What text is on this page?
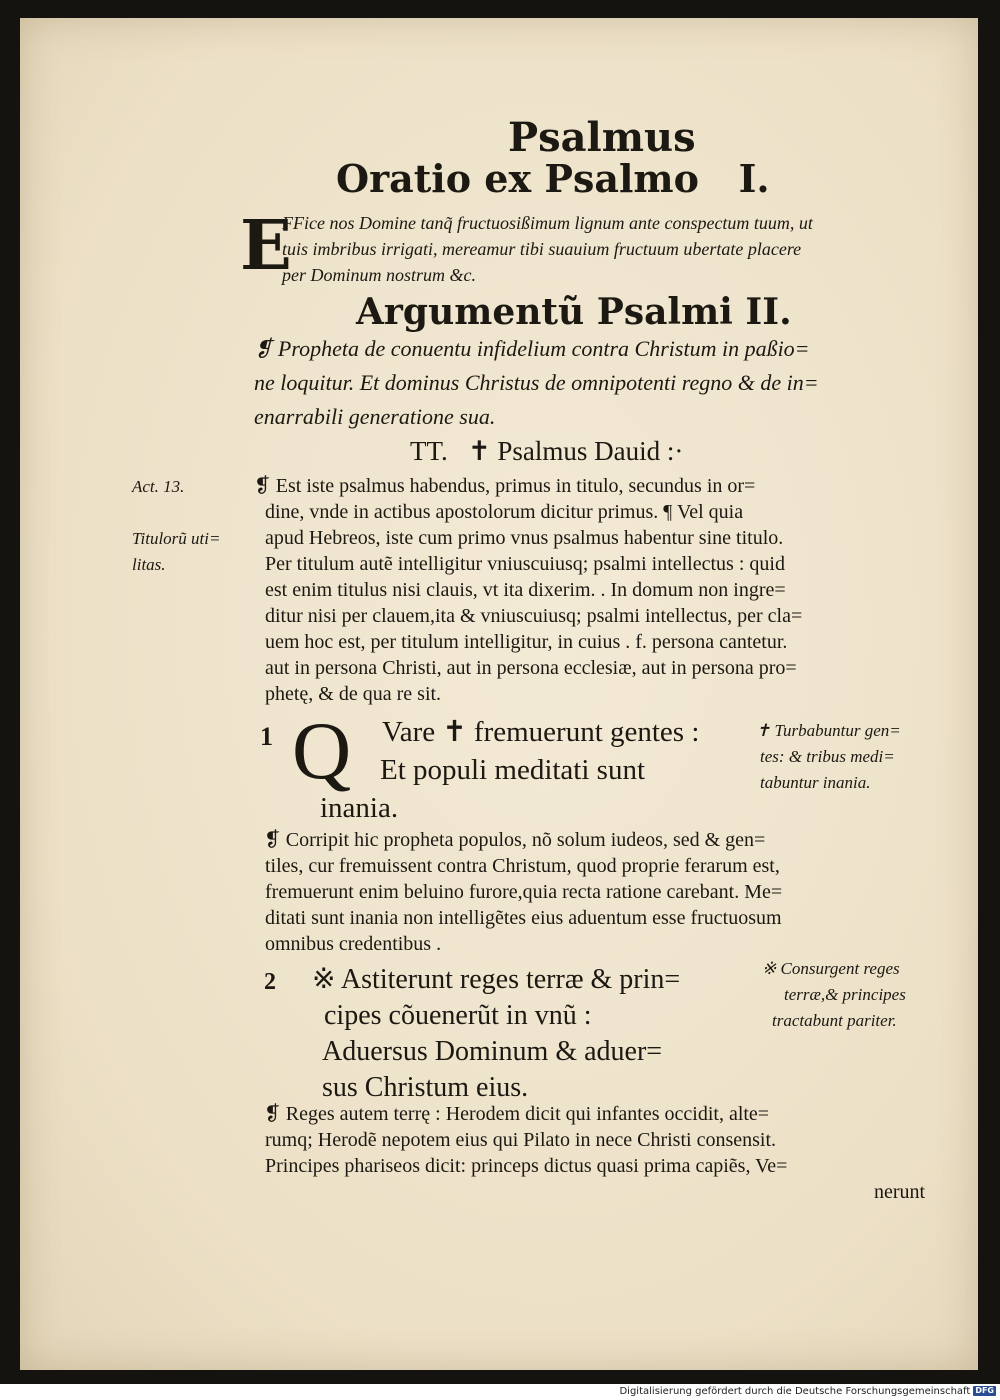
Psalmus
Oratio ex Psalmo   I.
E
FFice nos Domine tanq̃ fructuosißimum lignum ante conspectum tuum, ut
tuis imbribus irrigati, mereamur tibi suauium fructuum ubertate placere
per Dominum nostrum &c.
Argumentũ Psalmi II.
❡ Propheta de conuentu infidelium contra Christum in paßio=
ne loquitur. Et dominus Christus de omnipotenti regno & de in=
enarrabili generatione sua.
TT.   ✝ Psalmus Dauid :·
Act. 13.
Titulorũ uti=
litas.
❡ Est iste psalmus habendus, primus in titulo, secundus in or=
dine, vnde in actibus apostolorum dicitur primus. ¶ Vel quia
apud Hebreos, iste cum primo vnus psalmus habentur sine titulo.
Per titulum autẽ intelligitur vniuscuiusq; psalmi intellectus : quid
est enim titulus nisi clauis, vt ita dixerim. . In domum non ingre=
ditur nisi per clauem,ita & vniuscuiusq; psalmi intellectus, per cla=
uem hoc est, per titulum intelligitur, in cuius . f. persona cantetur.
aut in persona Christi, aut in persona ecclesiæ, aut in persona pro=
phetę, & de qua re sit.
1 Q Vare ✝ fremuerunt gentes :
Et populi meditati sunt
inania.
✝ Turbabuntur gen=
tes: & tribus medi=
tabuntur inania.
❡ Corripit hic propheta populos, nõ solum iudeos, sed & gen=
tiles, cur fremuissent contra Christum, quod proprie ferarum est,
fremuerunt enim beluino furore,quia recta ratione carebant. Me=
ditati sunt inania non intelligẽtes eius aduentum esse fructuosum
omnibus credentibus .
2 ※ Astiterunt reges terræ & prin=
cipes cõuenerũt in vnũ :
Aduersus Dominum & aduer=
sus Christum eius.
※ Consurgent reges
terræ,& principes
tractabunt pariter.
❡ Reges autem terrę : Herodem dicit qui infantes occidit, alte=
rumq; Herodẽ nepotem eius qui Pilato in nece Christi consensit.
Principes phariseos dicit: princeps dictus quasi prima capiẽs, Ve=
nerunt
Digitalisierung gefördert durch die Deutsche Forschungsgemeinschaft DFG
